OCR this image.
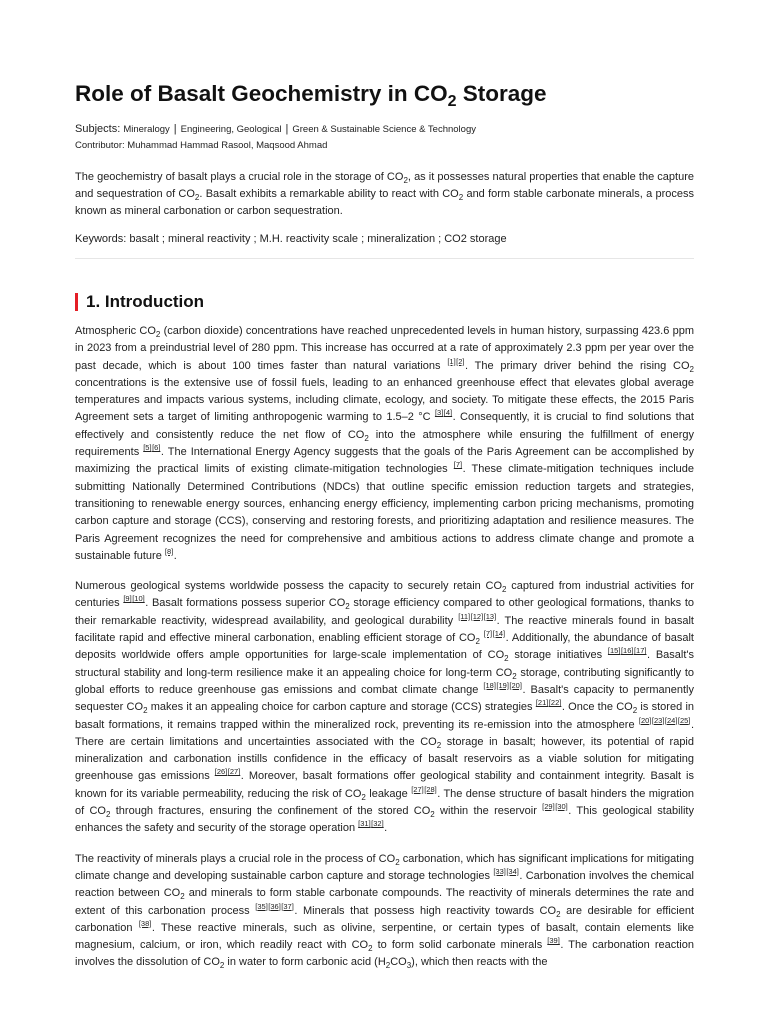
Role of Basalt Geochemistry in $CO_2$ Storage
Subjects: Mineralogy | Engineering, Geological | Green & Sustainable Science & Technology
Contributor: Muhammad Hammad Rasool, Maqsood Ahmad

The geochemistry of basalt plays a crucial role in the storage of $CO_2$, as it possesses natural properties that enable the capture and sequestration of $CO_2$. Basalt exhibits a remarkable ability to react with $CO_2$ and form stable carbonate minerals, a process known as mineral carbonation or carbon sequestration.

Keywords: basalt ; mineral reactivity ; M.H. reactivity scale ; mineralization ; CO2 storage
1. Introduction

Atmospheric $CO_2$ (carbon dioxide) concentrations have reached unprecedented levels in human history, surpassing 423.6 ppm in 2023 from a preindustrial level of 280 ppm. This increase has occurred at a rate of approximately 2.3 ppm per year over the past decade, which is about 100 times faster than natural variations [1][2]. The primary driver behind the rising $CO_2$ concentrations is the extensive use of fossil fuels, leading to an enhanced greenhouse effect that elevates global average temperatures and impacts various systems, including climate, ecology, and society. To mitigate these effects, the 2015 Paris Agreement sets a target of limiting anthropogenic warming to 1.5–2 °C [3][4]. Consequently, it is crucial to find solutions that effectively and consistently reduce the net flow of $CO_2$ into the atmosphere while ensuring the fulfillment of energy requirements [5][6]. The International Energy Agency suggests that the goals of the Paris Agreement can be accomplished by maximizing the practical limits of existing climate-mitigation technologies [7]. These climate-mitigation techniques include submitting Nationally Determined Contributions (NDCs) that outline specific emission reduction targets and strategies, transitioning to renewable energy sources, enhancing energy efficiency, implementing carbon pricing mechanisms, promoting carbon capture and storage (CCS), conserving and restoring forests, and prioritizing adaptation and resilience measures. The Paris Agreement recognizes the need for comprehensive and ambitious actions to address climate change and promote a sustainable future [8].

Numerous geological systems worldwide possess the capacity to securely retain $CO_2$ captured from industrial activities for centuries [9][10]. Basalt formations possess superior $CO_2$ storage efficiency compared to other geological formations, thanks to their remarkable reactivity, widespread availability, and geological durability [11][12][13]. The reactive minerals found in basalt facilitate rapid and effective mineral carbonation, enabling efficient storage of $CO_2$ [7][14]. Additionally, the abundance of basalt deposits worldwide offers ample opportunities for large-scale implementation of $CO_2$ storage initiatives [15][16][17]. Basalt's structural stability and long-term resilience make it an appealing choice for long-term $CO_2$ storage, contributing significantly to global efforts to reduce greenhouse gas emissions and combat climate change [18][19][20]. Basalt's capacity to permanently sequester $CO_2$ makes it an appealing choice for carbon capture and storage (CCS) strategies [21][22]. Once the $CO_2$ is stored in basalt formations, it remains trapped within the mineralized rock, preventing its re-emission into the atmosphere [20][23][24][25]. There are certain limitations and uncertainties associated with the $CO_2$ storage in basalt; however, its potential of rapid mineralization and carbonation instills confidence in the efficacy of basalt reservoirs as a viable solution for mitigating greenhouse gas emissions [26][27]. Moreover, basalt formations offer geological stability and containment integrity. Basalt is known for its variable permeability, reducing the risk of $CO_2$ leakage [27][28]. The dense structure of basalt hinders the migration of $CO_2$ through fractures, ensuring the confinement of the stored $CO_2$ within the reservoir [29][30]. This geological stability enhances the safety and security of the storage operation [31][32].

The reactivity of minerals plays a crucial role in the process of $CO_2$ carbonation, which has significant implications for mitigating climate change and developing sustainable carbon capture and storage technologies [33][34]. Carbonation involves the chemical reaction between $CO_2$ and minerals to form stable carbonate compounds. The reactivity of minerals determines the rate and extent of this carbonation process [35][36][37]. Minerals that possess high reactivity towards $CO_2$ are desirable for efficient carbonation [38]. These reactive minerals, such as olivine, serpentine, or certain types of basalt, contain elements like magnesium, calcium, or iron, which readily react with $CO_2$ to form solid carbonate minerals [39]. The carbonation reaction involves the dissolution of $CO_2$ in water to form carbonic acid $(H_2CO_3)$, which then reacts with the
